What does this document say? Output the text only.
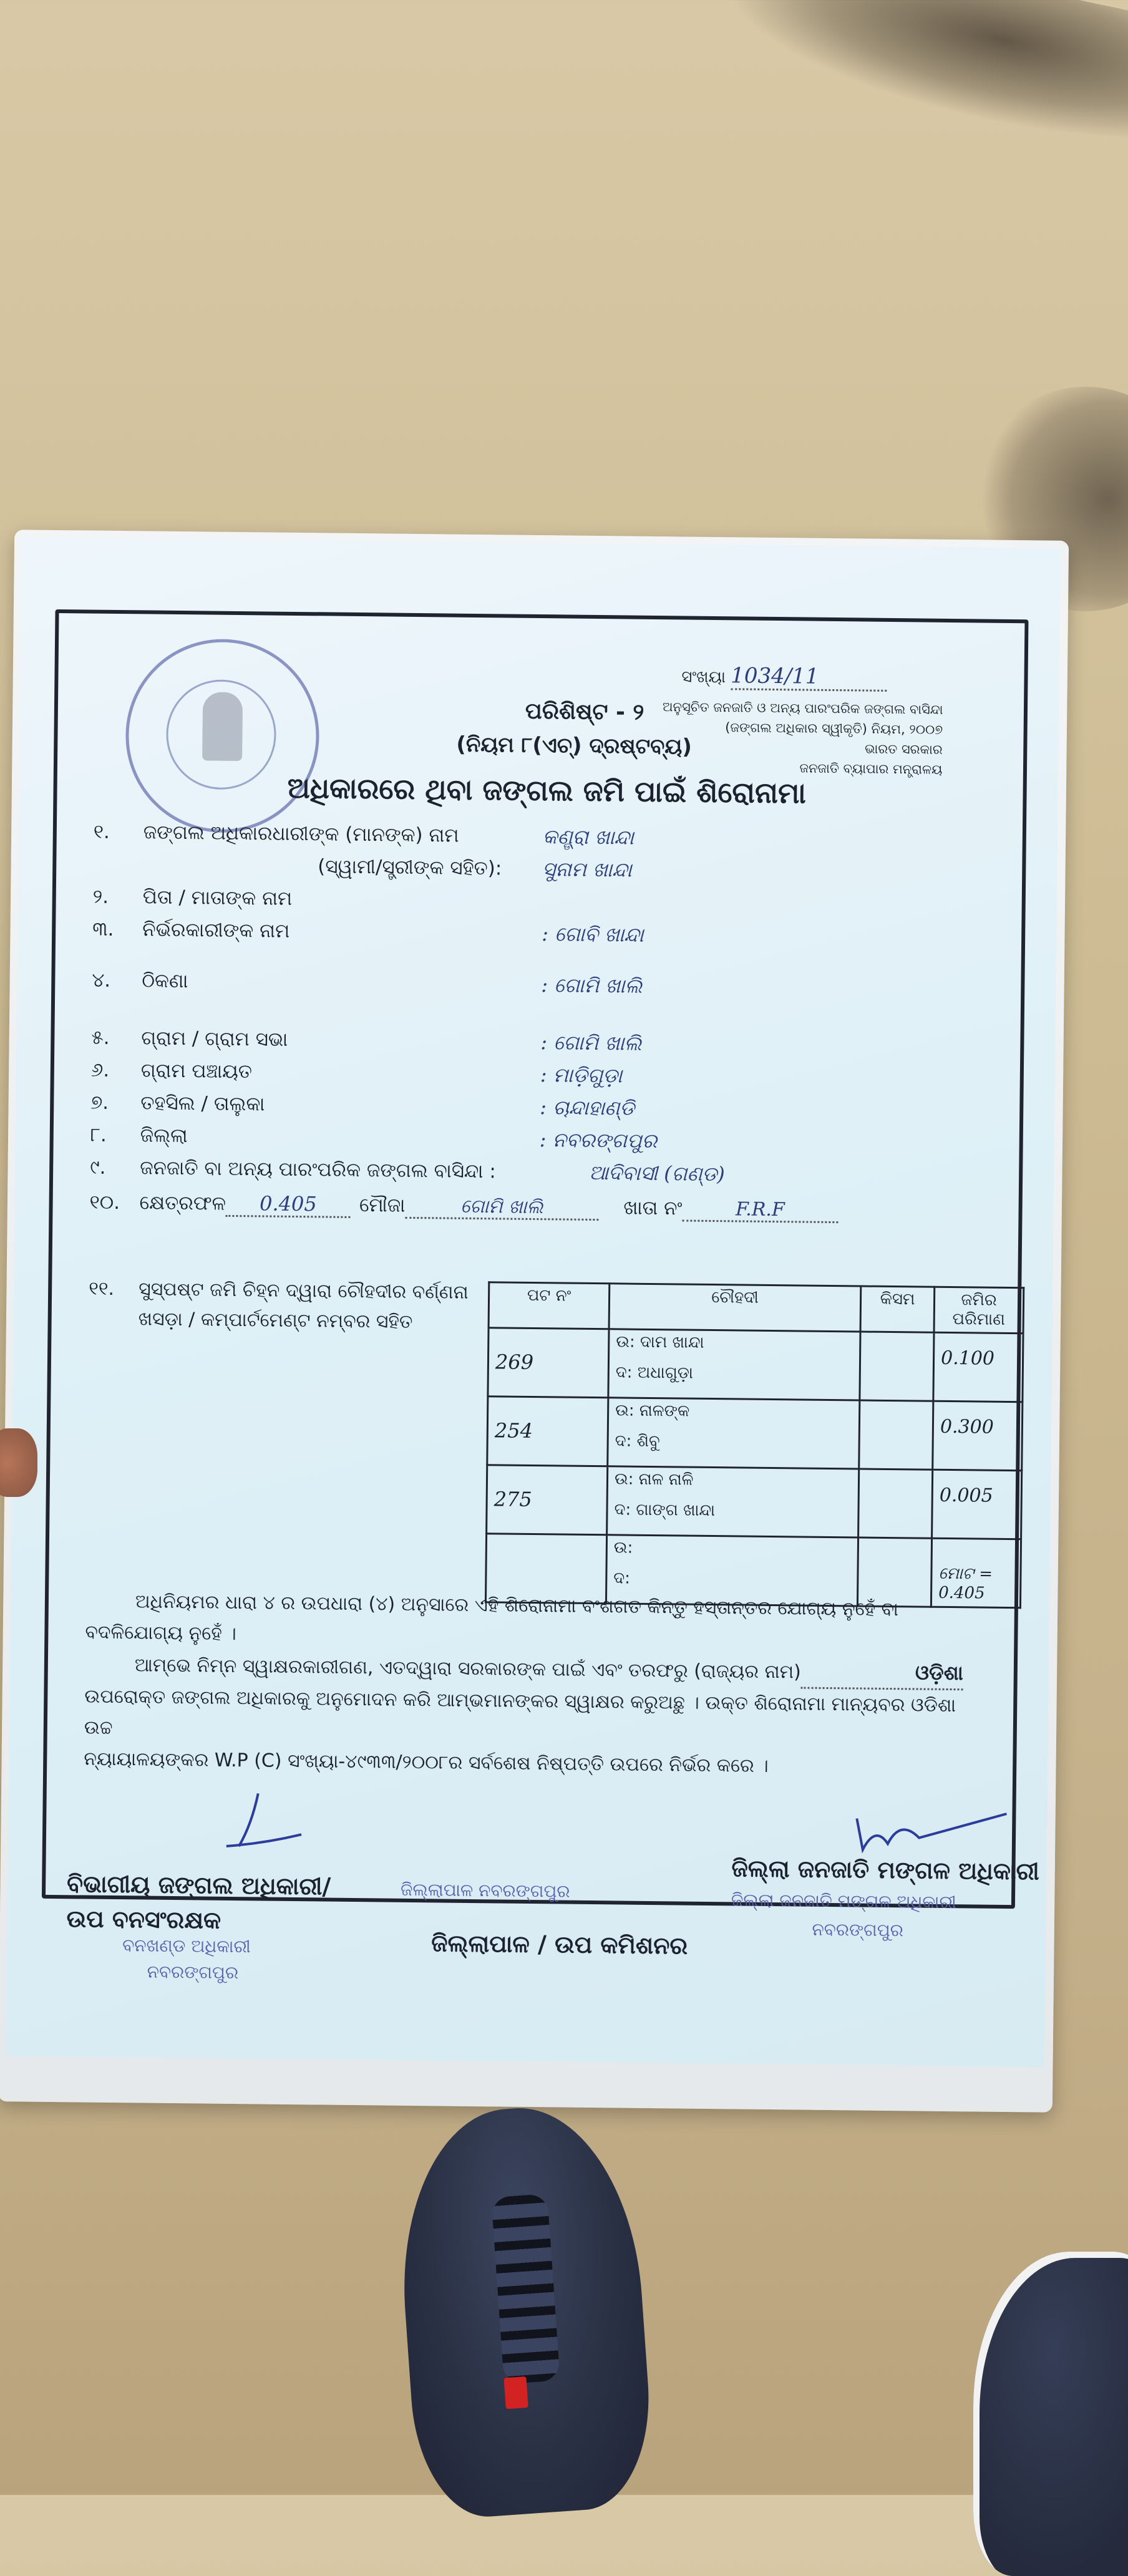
ସଂଖ୍ୟା 1034/11
ପରିଶିଷ୍ଟ - ୨
(ନିୟମ ୮(ଏଚ୍) ଦ୍ରଷ୍ଟବ୍ୟ)
ଅନୁସୂଚିତ ଜନଜାତି ଓ ଅନ୍ୟ ପାରଂପରିକ ଜଙ୍ଗଲ ବାସିନ୍ଦା
(ଜଙ୍ଗଲ ଅଧିକାର ସ୍ୱୀକୃତି) ନିୟମ, ୨୦୦୭
ଭାରତ ସରକାର
ଜନଜାତି ବ୍ୟାପାର ମନ୍ତ୍ରାଳୟ
ଅଧିକାରରେ ଥିବା ଜଙ୍ଗଲ ଜମି ପାଇଁ ଶିରୋନାମା
୧.	ଜଙ୍ଗଲ ଅଧିକାରଧାରୀଙ୍କ (ମାନଙ୍କ) ନାମ	କଣ୍ଡ୍ରା ଖାନ୍ଦା
(ସ୍ୱାମୀ/ସ୍ତ୍ରୀଙ୍କ ସହିତ):	ସୁନାମ ଖାନ୍ଦା
୨.	ପିତା / ମାତାଙ୍କ ନାମ
୩.	ନିର୍ଭରକାରୀଙ୍କ ନାମ	: ଗୋବି ଖାନ୍ଦା
୪.	ଠିକଣା	: ଗୋମି ଖାଲି
୫.	ଗ୍ରାମ / ଗ୍ରାମ ସଭା	: ଗୋମି ଖାଲି
୬.	ଗ୍ରାମ ପଞ୍ଚାୟତ	: ମାଡ଼ିଗୁଡ଼ା
୭.	ତହସିଲ / ତାଲୁକା	: ଚାନ୍ଦାହାଣ୍ଡି
୮.	ଜିଲ୍ଲା	: ନବରଙ୍ଗପୁର
୯.	ଜନଜାତି ବା ଅନ୍ୟ ପାରଂପରିକ ଜଙ୍ଗଲ ବାସିନ୍ଦା :	ଆଦିବାସୀ (ଗଣ୍ଡ)
୧୦.	କ୍ଷେତ୍ରଫଳ	0.405	ମୌଜା	ଗୋମି ଖାଲି	ଖାତା ନଂ	F.R.F
୧୧.	ସୁସ୍ପଷ୍ଟ ଜମି ଚିହ୍ନ ଦ୍ୱାରା ଚୌହଦୀର ବର୍ଣ୍ଣନା
ଖସଡ଼ା / କମ୍ପାର୍ଟମେଣ୍ଟ ନମ୍ବର ସହିତ
ପଟ ନଂ	ଚୌହଦୀ	କିସମ	ଜମିର ପରିମାଣ
269	ଉ: ଦାମ ଖାନ୍ଦା
ଦ: ଅଧାଗୁଡ଼ା		0.100
254	ଉ: ନାଳଙ୍କ
ଦ: ଶିବୁ		0.300
275	ଉ: ନାଳ ନାଳି
ଦ: ଗାଙ୍ଗ ଖାନ୍ଦା		0.005

	ଉ:
ଦ:		ମୋଟ = 0.405
ଅଧିନିୟମର ଧାରା ୪ ର ଉପଧାରା (୪) ଅନୁସାରେ ଏହି ଶିରୋନାମା ବଂଶଗତ କିନ୍ତୁ ହସ୍ତାନ୍ତର ଯୋଗ୍ୟ ନୁହେଁ ବା
ବଦଳିଯୋଗ୍ୟ ନୁହେଁ ।
ଆମ୍ଭେ ନିମ୍ନ ସ୍ୱାକ୍ଷରକାରୀଗଣ, ଏତଦ୍ୱାରା ସରକାରଙ୍କ ପାଇଁ ଏବଂ ତରଫରୁ (ରାଜ୍ୟର ନାମ)	ଓଡ଼ିଶା
ଉପରୋକ୍ତ ଜଙ୍ଗଲ ଅଧିକାରକୁ ଅନୁମୋଦନ କରି ଆମ୍ଭମାନଙ୍କର ସ୍ୱାକ୍ଷର କରୁଅଛୁ । ଉକ୍ତ ଶିରୋନାମା ମାନ୍ୟବର ଓଡିଶା ଉଚ୍ଚ
ନ୍ୟାୟାଳୟଙ୍କର W.P (C) ସଂଖ୍ୟା-୪୯୩୩/୨୦୦୮ର ସର୍ବଶେଷ ନିଷ୍ପତ୍ତି ଉପରେ ନିର୍ଭର କରେ ।
ବିଭାଗୀୟ ଜଙ୍ଗଲ ଅଧିକାରୀ/
ଉପ ବନସଂରକ୍ଷକ
ବନଖଣ୍ଡ ଅଧିକାରୀ
ନବରଙ୍ଗପୁର
ଜିଲ୍ଲାପାଳ ନବରଙ୍ଗପୁର
ଜିଲ୍ଲାପାଳ / ଉପ କମିଶନର
ଜିଲ୍ଲା ଜନଜାତି ମଙ୍ଗଳ ଅଧିକାରୀ
ଜିଲ୍ଲା ଜନଜାତି ମଙ୍ଗଳ ଅଧିକାରୀ
ନବରଙ୍ଗପୁର
